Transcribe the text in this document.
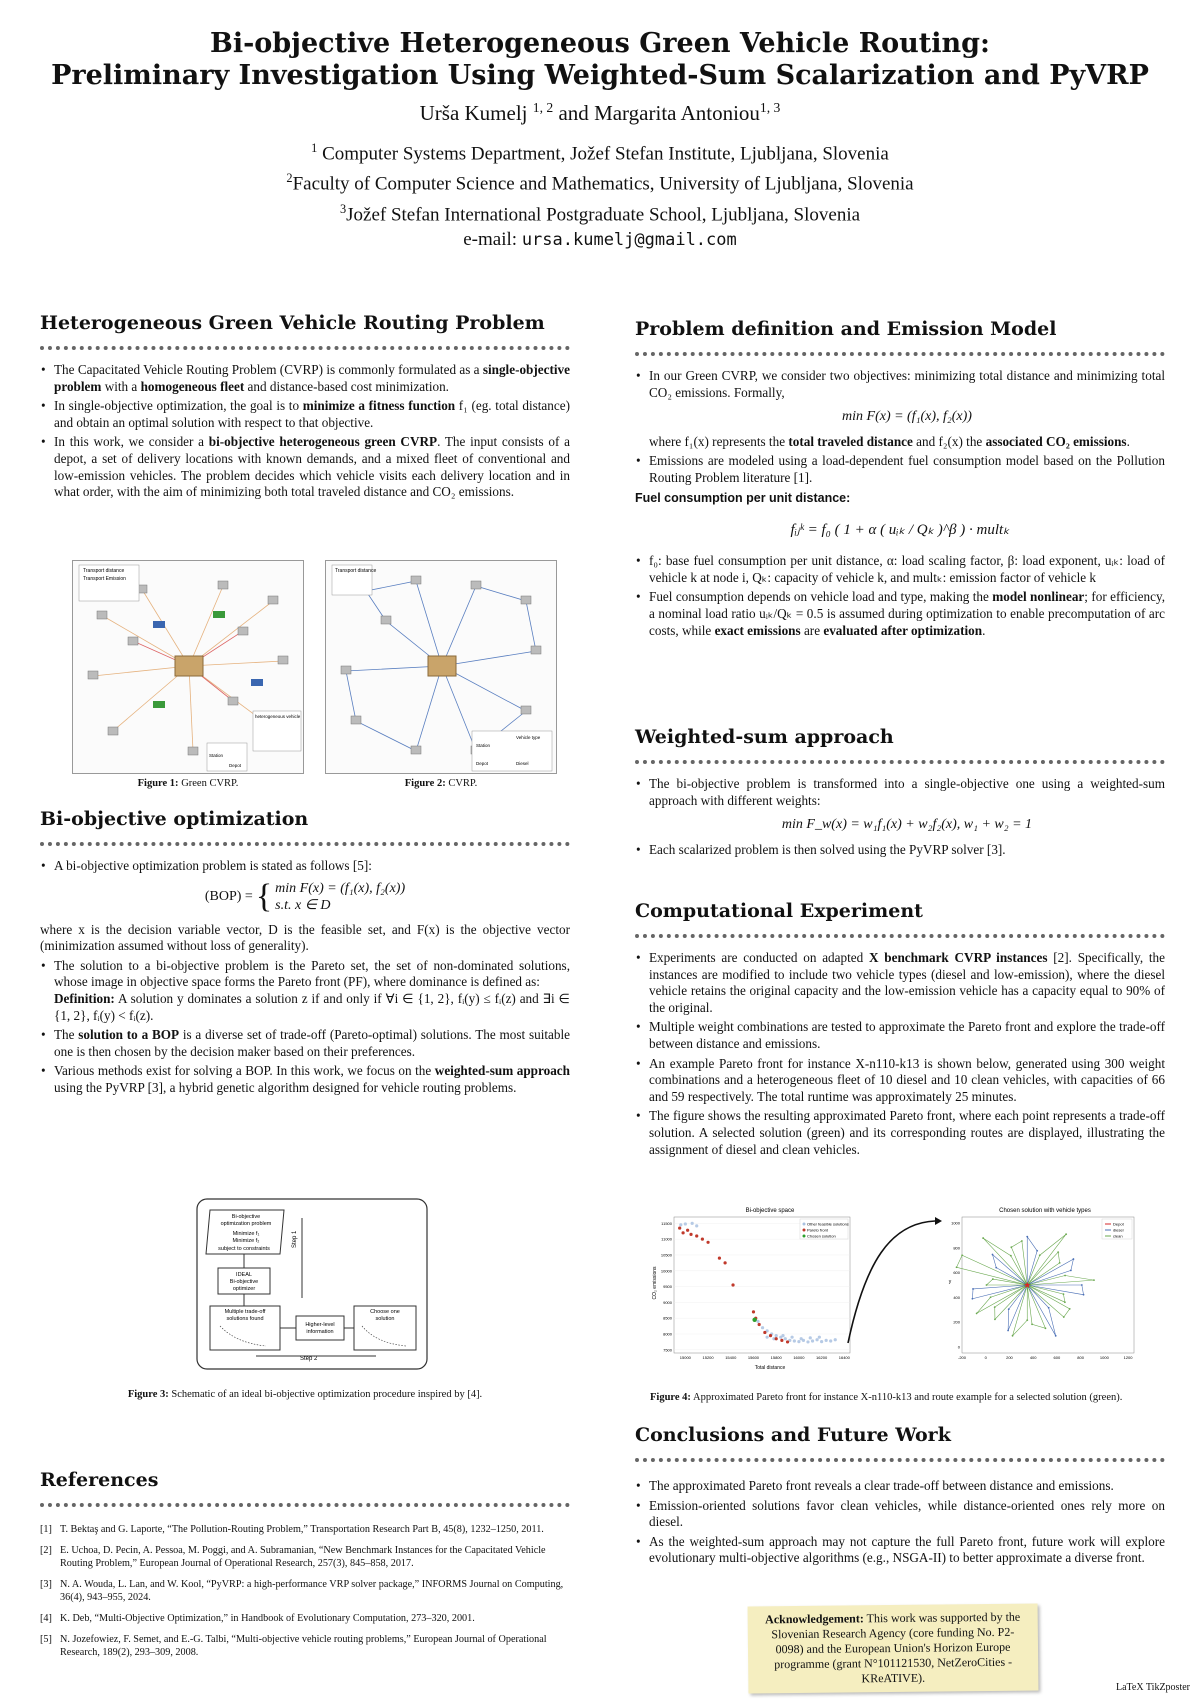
Bi-objective Heterogeneous Green Vehicle Routing:
Preliminary Investigation Using Weighted-Sum Scalarization and PyVRP
Urša Kumelj $^{1, 2}$ and Margarita Antoniou$^{1, 3}$
$^1$ Computer Systems Department, Jožef Stefan Institute, Ljubljana, Slovenia
$^2$Faculty of Computer Science and Mathematics, University of Ljubljana, Slovenia
$^3$Jožef Stefan International Postgraduate School, Ljubljana, Slovenia
e-mail: ursa.kumelj@gmail.com
Heterogeneous Green Vehicle Routing Problem
• The Capacitated Vehicle Routing Problem (CVRP) is commonly formulated as a single-objective problem with a homogeneous fleet and distance-based cost minimization.
• In single-objective optimization, the goal is to minimize a fitness function f₁ (eg. total distance) and obtain an optimal solution with respect to that objective.
• In this work, we consider a bi-objective heterogeneous green CVRP. The input consists of a depot, a set of delivery locations with known demands, and a mixed fleet of conventional and low-emission vehicles. The problem decides which vehicle visits each delivery location and in what order, with the aim of minimizing both total traveled distance and CO₂ emissions.
Transport distance
Transport Emission
heterogeneous vehicle
Station
Depot
Figure 1: Green CVRP.
Transport distance
Station
Vehicle type
Depot	Diesel
Figure 2: CVRP.
Bi-objective optimization
• A bi-objective optimization problem is stated as follows [5]:
(BOP) = { min F(x) = (f₁(x), f₂(x))
s.t. x ∈ D
where x is the decision variable vector, D is the feasible set, and F(x) is the objective vector (minimization assumed without loss of generality).
• The solution to a bi-objective problem is the Pareto set, the set of non-dominated solutions, whose image in objective space forms the Pareto front (PF), where dominance is defined as:
Definition: A solution y dominates a solution z if and only if ∀i ∈ {1, 2}, fᵢ(y) ≤ fᵢ(z) and ∃i ∈ {1, 2}, fᵢ(y) < fᵢ(z).
• The solution to a BOP is a diverse set of trade-off (Pareto-optimal) solutions. The most suitable one is then chosen by the decision maker based on their preferences.
• Various methods exist for solving a BOP. In this work, we focus on the weighted-sum approach using the PyVRP [3], a hybrid genetic algorithm designed for vehicle routing problems.
Bi-objective
optimization problem
Minimize f₁
Minimize f₂
subject to constraints
IDEAL
Bi-objective
optimizer
Multiple trade-off
solutions found
Higher-level
information
Choose one
solution
Step 1
Step 2
Figure 3: Schematic of an ideal bi-objective optimization procedure inspired by [4].
References
[1] T. Bektaş and G. Laporte, “The Pollution-Routing Problem,” Transportation Research Part B, 45(8), 1232–1250, 2011.
[2] E. Uchoa, D. Pecin, A. Pessoa, M. Poggi, and A. Subramanian, “New Benchmark Instances for the Capacitated Vehicle Routing Problem,” European Journal of Operational Research, 257(3), 845–858, 2017.
[3] N. A. Wouda, L. Lan, and W. Kool, “PyVRP: a high-performance VRP solver package,” INFORMS Journal on Computing, 36(4), 943–955, 2024.
[4] K. Deb, “Multi-Objective Optimization,” in Handbook of Evolutionary Computation, 273–320, 2001.
[5] N. Jozefowiez, F. Semet, and E.-G. Talbi, “Multi-objective vehicle routing problems,” European Journal of Operational Research, 189(2), 293–309, 2008.
Problem definition and Emission Model
• In our Green CVRP, we consider two objectives: minimizing total distance and minimizing total CO₂ emissions. Formally,
min F(x) = (f₁(x), f₂(x))
where f₁(x) represents the total traveled distance and f₂(x) the associated CO₂ emissions.
• Emissions are modeled using a load-dependent fuel consumption model based on the Pollution Routing Problem literature [1].
Fuel consumption per unit distance:
fᵢⱼᵏ = f₀ ( 1 + α ( uᵢₖ / Qₖ )^β ) · multₖ
• f₀: base fuel consumption per unit distance, α: load scaling factor, β: load exponent, uᵢₖ: load of vehicle k at node i, Qₖ: capacity of vehicle k, and multₖ: emission factor of vehicle k
• Fuel consumption depends on vehicle load and type, making the model nonlinear; for efficiency, a nominal load ratio uᵢₖ/Qₖ = 0.5 is assumed during optimization to enable precomputation of arc costs, while exact emissions are evaluated after optimization.
Weighted-sum approach
• The bi-objective problem is transformed into a single-objective one using a weighted-sum approach with different weights:
min F_w(x) = w₁f₁(x) + w₂f₂(x), w₁ + w₂ = 1
• Each scalarized problem is then solved using the PyVRP solver [3].
Computational Experiment
• Experiments are conducted on adapted X benchmark CVRP instances [2]. Specifically, the instances are modified to include two vehicle types (diesel and low-emission), where the diesel vehicle retains the original capacity and the low-emission vehicle has a capacity equal to 90% of the original.
• Multiple weight combinations are tested to approximate the Pareto front and explore the trade-off between distance and emissions.
• An example Pareto front for instance X-n110-k13 is shown below, generated using 300 weight combinations and a heterogeneous fleet of 10 diesel and 10 clean vehicles, with capacities of 66 and 59 respectively. The total runtime was approximately 25 minutes.
• The figure shows the resulting approximated Pareto front, where each point represents a trade-off solution. A selected solution (green) and its corresponding routes are displayed, illustrating the assignment of diesel and clean vehicles.
Bi-objective space
Total distance
CO₂ emissions
7500
8000
8500
9000
9500
10000
10500
11000
11500
15000	15200	15400	15600	15800	16000	16200	16400
Other feasible solutions
Pareto front
Chosen solution
Chosen solution with vehicle types
y
-200	0	200	400	600	800	1000	1200
0
200
400
600
800
1000	Depot
diesel
clean
Figure 4: Approximated Pareto front for instance X-n110-k13 and route example for a selected solution (green).
Conclusions and Future Work
• The approximated Pareto front reveals a clear trade-off between distance and emissions.
• Emission-oriented solutions favor clean vehicles, while distance-oriented ones rely more on diesel.
• As the weighted-sum approach may not capture the full Pareto front, future work will explore evolutionary multi-objective algorithms (e.g., NSGA-II) to better approximate a diverse front.
Acknowledgement: This work was supported by the Slovenian Research Agency (core funding No. P2-0098) and the European Union's Horizon Europe programme (grant N°101121530, NetZeroCities - KReATIVE).
LaTeX TikZposter
